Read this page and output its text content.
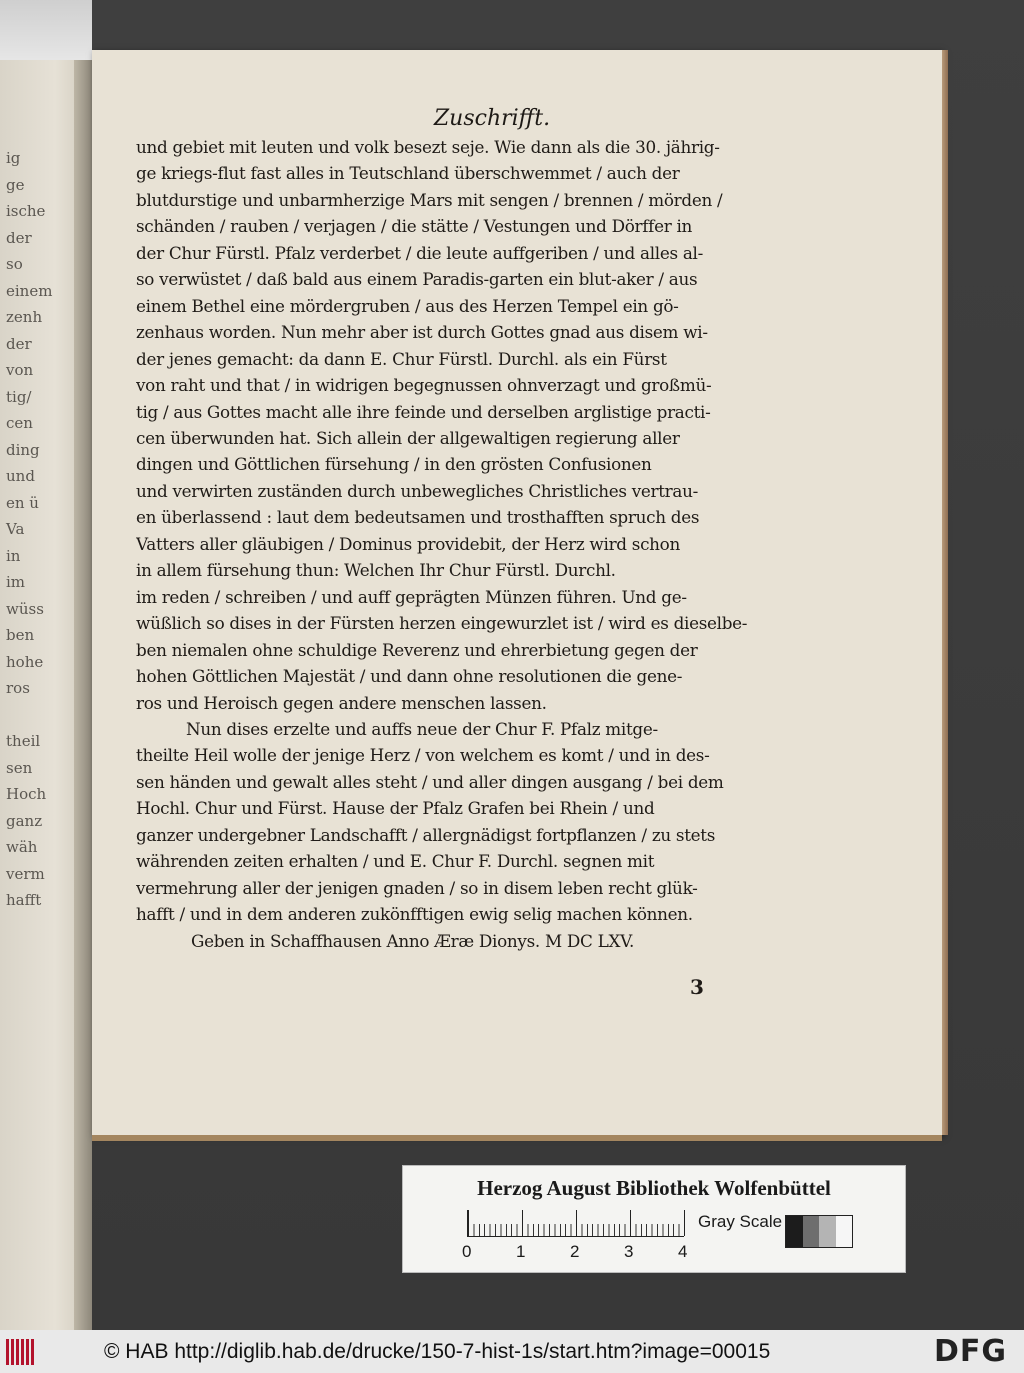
ig
ge
ische
der
so
einem
zenh
der
von
tig/
cen
ding
und
en ü
Va
in
im
wüss
ben
hohe
ros

theil
sen
Hoch
ganz
wäh
verm
hafft
Zuschrifft.
und gebiet mit leuten und volk besezt seje. Wie dann als die 30. jährig-
ge kriegs-flut fast alles in Teutschland überschwemmet / auch der
blutdurstige und unbarmherzige Mars mit sengen / brennen / mörden /
schänden / rauben / verjagen / die stätte / Vestungen und Dörffer in
der Chur Fürstl. Pfalz verderbet / die leute auffgeriben / und alles al-
so verwüstet / daß bald aus einem Paradis-garten ein blut-aker / aus
einem Bethel eine mördergruben / aus des Herzen Tempel ein gö-
zenhaus worden. Nun mehr aber ist durch Gottes gnad aus disem wi-
der jenes gemacht: da dann E. Chur Fürstl. Durchl. als ein Fürst
von raht und that / in widrigen begegnussen ohnverzagt und großmü-
tig / aus Gottes macht alle ihre feinde und derselben arglistige practi-
cen überwunden hat. Sich allein der allgewaltigen regierung aller
dingen und Göttlichen fürsehung / in den grösten Confusionen
und verwirten zuständen durch unbewegliches Christliches vertrau-
en überlassend : laut dem bedeutsamen und trosthafften spruch des
Vatters aller gläubigen / Dominus providebit, der Herz wird schon
in allem fürsehung thun: Welchen Ihr Chur Fürstl. Durchl.
im reden / schreiben / und auff geprägten Münzen führen. Und ge-
wüßlich so dises in der Fürsten herzen eingewurzlet ist / wird es dieselbe-
ben niemalen ohne schuldige Reverenz und ehrerbietung gegen der
hohen Göttlichen Majestät / und dann ohne resolutionen die gene-
ros und Heroisch gegen andere menschen lassen.
Nun dises erzelte und auffs neue der Chur F. Pfalz mitge-
theilte Heil wolle der jenige Herz / von welchem es komt / und in des-
sen händen und gewalt alles steht / und aller dingen ausgang / bei dem
Hochl. Chur und Fürst. Hause der Pfalz Grafen bei Rhein / und
ganzer undergebner Landschafft / allergnädigst fortpflanzen / zu stets
währenden zeiten erhalten / und E. Chur F. Durchl. segnen mit
vermehrung aller der jenigen gnaden / so in disem leben recht glük-
hafft / und in dem anderen zukönfftigen ewig selig machen können.
Geben in Schaffhausen Anno Æræ Dionys. M DC LXV.
3
Herzog August Bibliothek Wolfenbüttel
0	1	2	3	4
Gray Scale
© HAB http://diglib.hab.de/drucke/150-7-hist-1s/start.htm?image=00015	DFG
